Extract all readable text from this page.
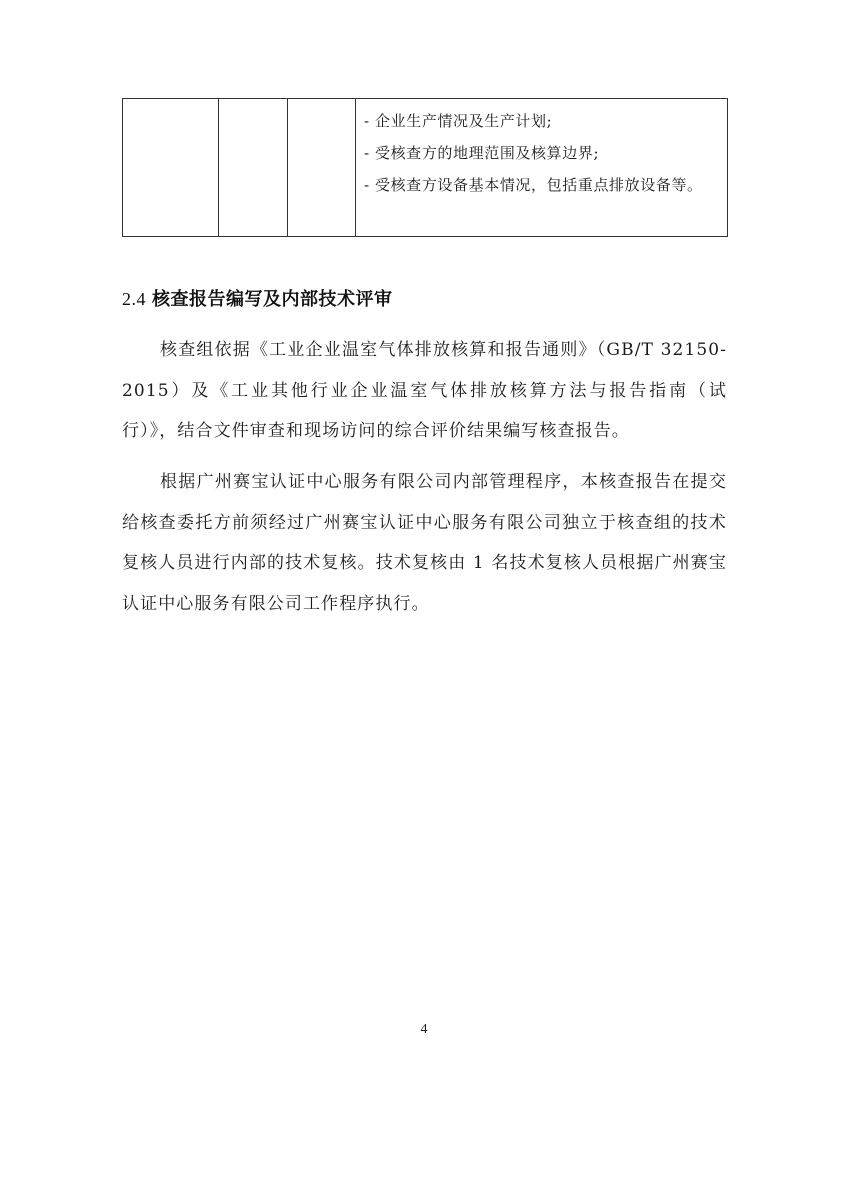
- 企业生产情况及生产计划;
- 受核查方的地理范围及核算边界;
- 受核查方设备基本情况，包括重点排放设备等。
2.4 核查报告编写及内部技术评审

核查组依据《工业企业温室气体排放核算和报告通则》（GB/T 32150-2015）及《工业其他行业企业温室气体排放核算方法与报告指南（试行）》，结合文件审查和现场访问的综合评价结果编写核查报告。

根据广州赛宝认证中心服务有限公司内部管理程序，本核查报告在提交给核查委托方前须经过广州赛宝认证中心服务有限公司独立于核查组的技术复核人员进行内部的技术复核。技术复核由 1 名技术复核人员根据广州赛宝认证中心服务有限公司工作程序执行。

4
